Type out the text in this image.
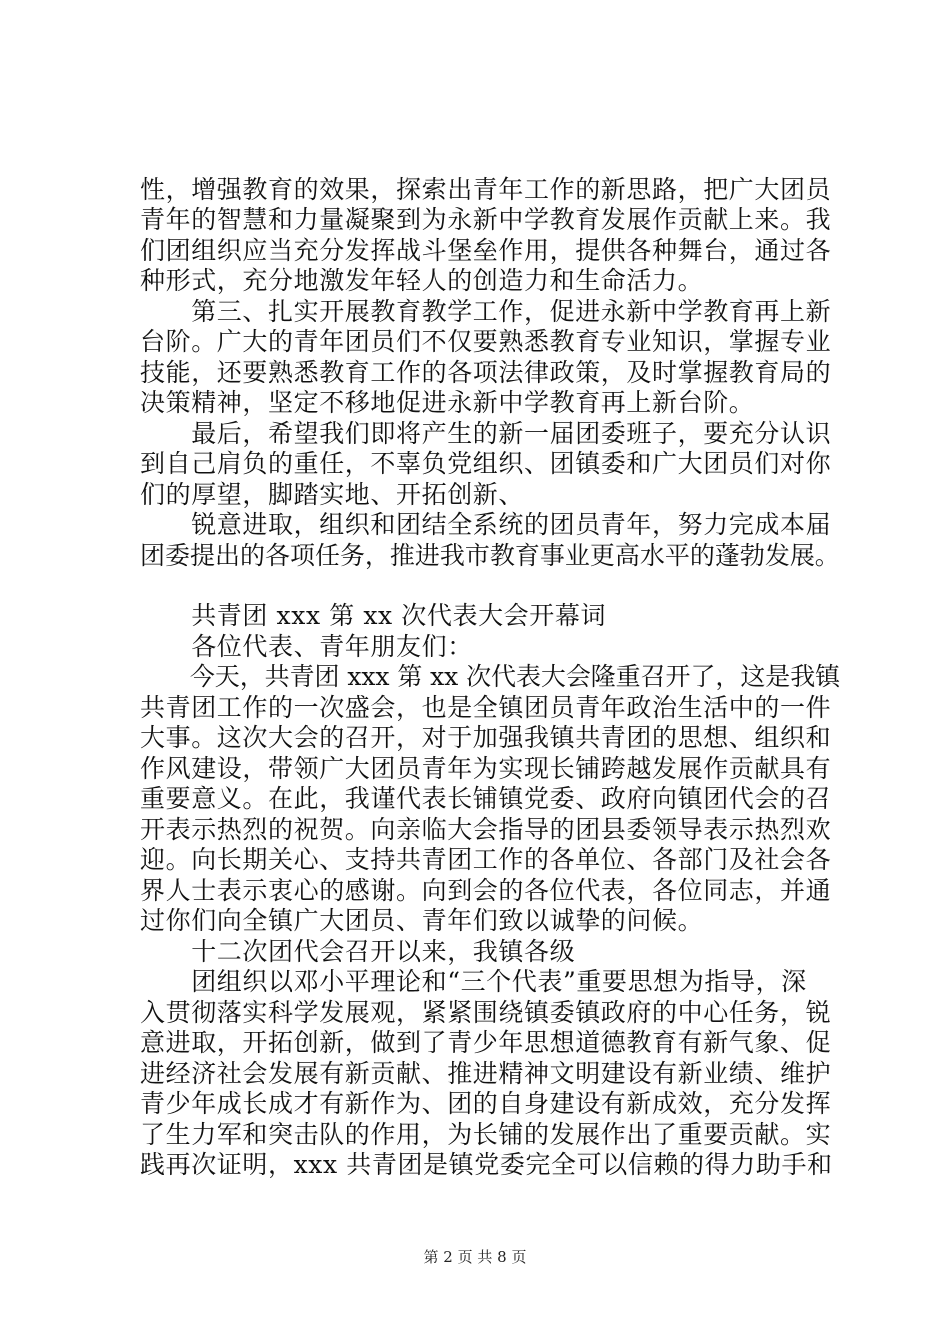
性，增强教育的效果，探索出青年工作的新思路，把广大团员
青年的智慧和力量凝聚到为永新中学教育发展作贡献上来。我
们团组织应当充分发挥战斗堡垒作用，提供各种舞台，通过各
种形式，充分地激发年轻人的创造力和生命活力。
　　第三、扎实开展教育教学工作，促进永新中学教育再上新
台阶。广大的青年团员们不仅要熟悉教育专业知识，掌握专业
技能，还要熟悉教育工作的各项法律政策，及时掌握教育局的
决策精神，坚定不移地促进永新中学教育再上新台阶。
　　最后，希望我们即将产生的新一届团委班子，要充分认识
到自己肩负的重任，不辜负党组织、团镇委和广大团员们对你
们的厚望，脚踏实地、开拓创新、
　　锐意进取，组织和团结全系统的团员青年，努力完成本届
团委提出的各项任务，推进我市教育事业更高水平的蓬勃发展。
　　共青团 xxx 第 xx 次代表大会开幕词
　　各位代表、青年朋友们：
　　今天，共青团 xxx 第 xx 次代表大会隆重召开了，这是我镇
共青团工作的一次盛会，也是全镇团员青年政治生活中的一件
大事。这次大会的召开，对于加强我镇共青团的思想、组织和
作风建设，带领广大团员青年为实现长铺跨越发展作贡献具有
重要意义。在此，我谨代表长铺镇党委、政府向镇团代会的召
开表示热烈的祝贺。向亲临大会指导的团县委领导表示热烈欢
迎。向长期关心、支持共青团工作的各单位、各部门及社会各
界人士表示衷心的感谢。向到会的各位代表，各位同志，并通
过你们向全镇广大团员、青年们致以诚挚的问候。
　　十二次团代会召开以来，我镇各级
　　团组织以邓小平理论和“三个代表”重要思想为指导，深
入贯彻落实科学发展观，紧紧围绕镇委镇政府的中心任务，锐
意进取，开拓创新，做到了青少年思想道德教育有新气象、促
进经济社会发展有新贡献、推进精神文明建设有新业绩、维护
青少年成长成才有新作为、团的自身建设有新成效，充分发挥
了生力军和突击队的作用，为长铺的发展作出了重要贡献。实
践再次证明，xxx 共青团是镇党委完全可以信赖的得力助手和
第 2 页 共 8 页
